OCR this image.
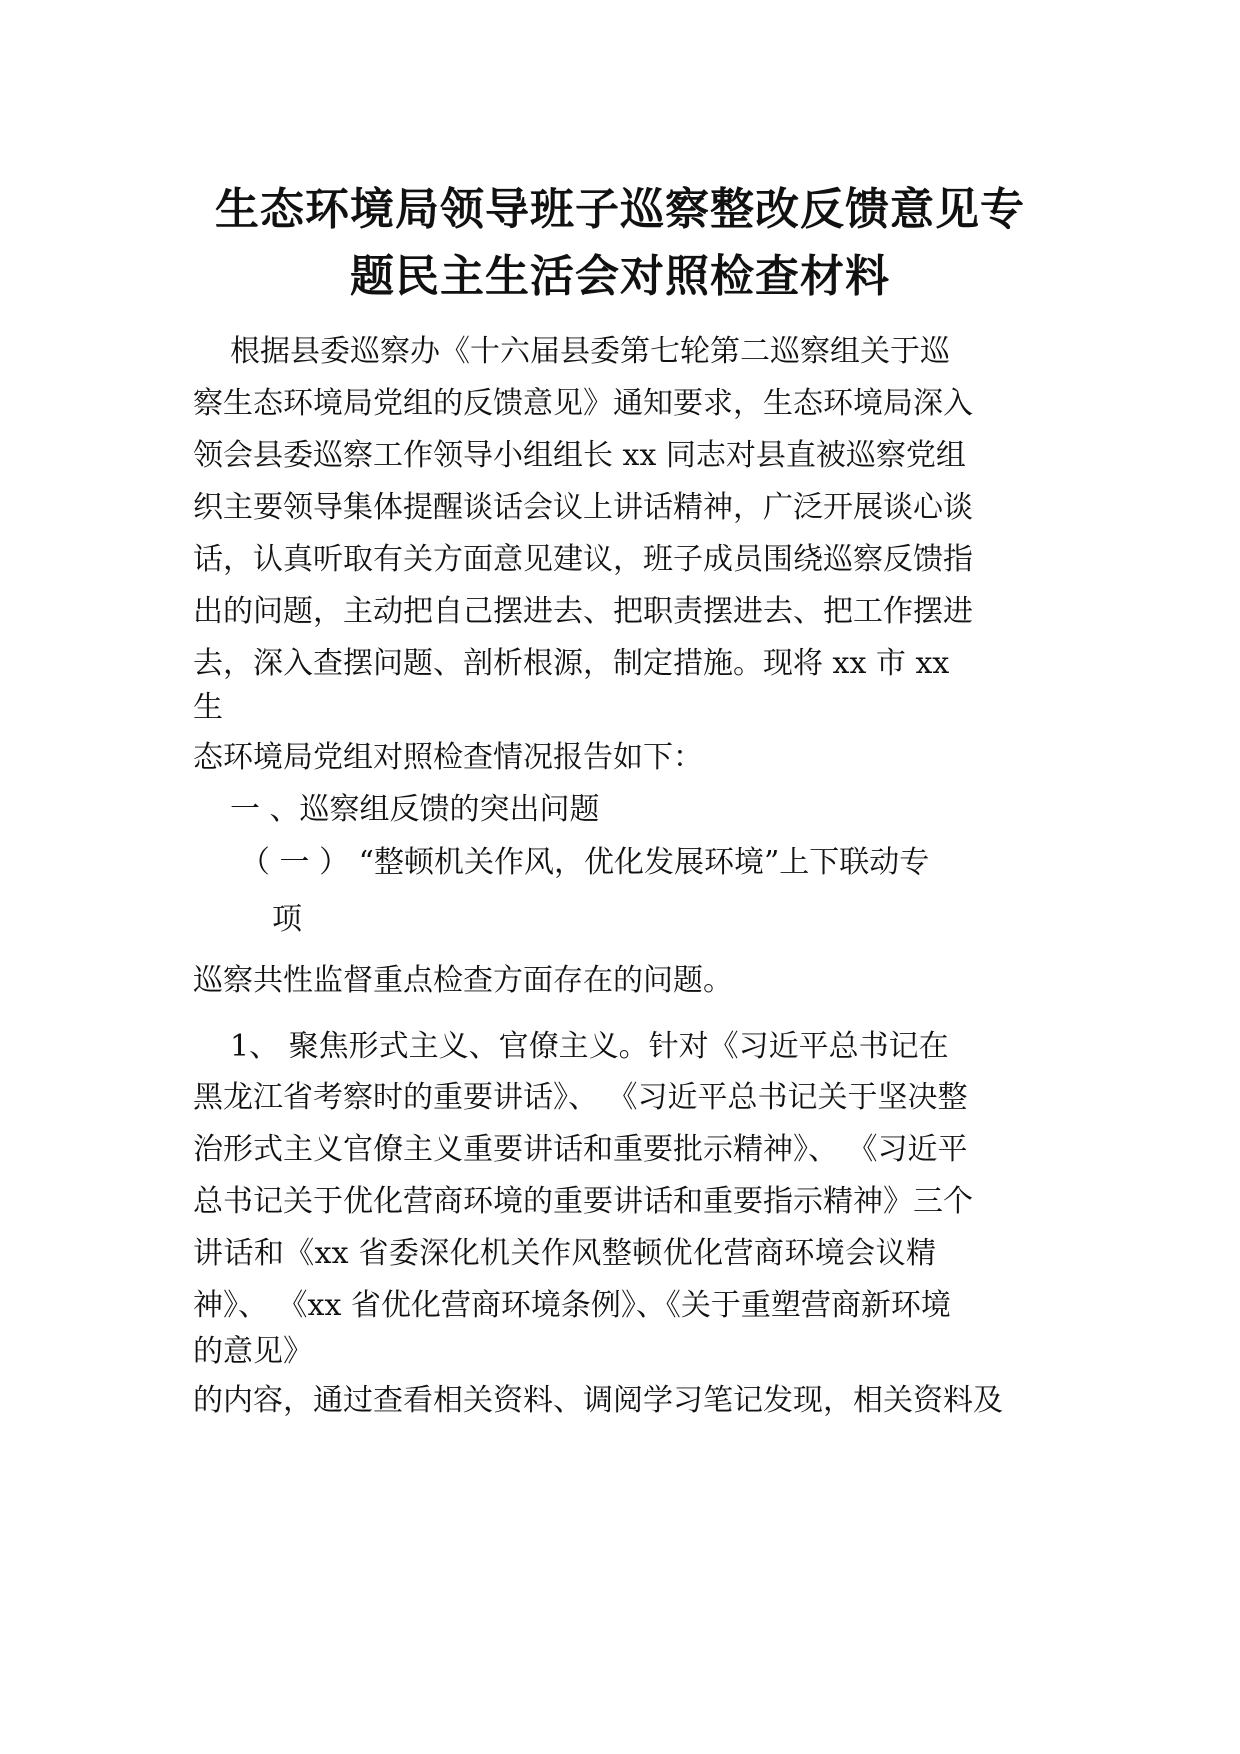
生态环境局领导班子巡察整改反馈意见专
题民主生活会对照检查材料

根据县委巡察办《十六届县委第七轮第二巡察组关于巡

察生态环境局党组的反馈意见》通知要求，生态环境局深入

领会县委巡察工作领导小组组长 xx 同志对县直被巡察党组

织主要领导集体提醒谈话会议上讲话精神，广泛开展谈心谈

话，认真听取有关方面意见建议，班子成员围绕巡察反馈指

出的问题，主动把自己摆进去、把职责摆进去、把工作摆进

去，深入查摆问题、剖析根源，制定措施。现将 xx 市 xx

生

态环境局党组对照检查情况报告如下：

一 、巡察组反馈的突出问题

（ 一 ） “整顿机关作风，优化发展环境”上下联动专

项

巡察共性监督重点检查方面存在的问题。

1、 聚焦形式主义、官僚主义。针对《习近平总书记在

黑龙江省考察时的重要讲话》、 《习近平总书记关于坚决整

治形式主义官僚主义重要讲话和重要批示精神》、 《习近平

总书记关于优化营商环境的重要讲话和重要指示精神》三个

讲话和《xx 省委深化机关作风整顿优化营商环境会议精

神》、 《xx 省优化营商环境条例》、《关于重塑营商新环境

的意见》

的内容，通过查看相关资料、调阅学习笔记发现，相关资料及
